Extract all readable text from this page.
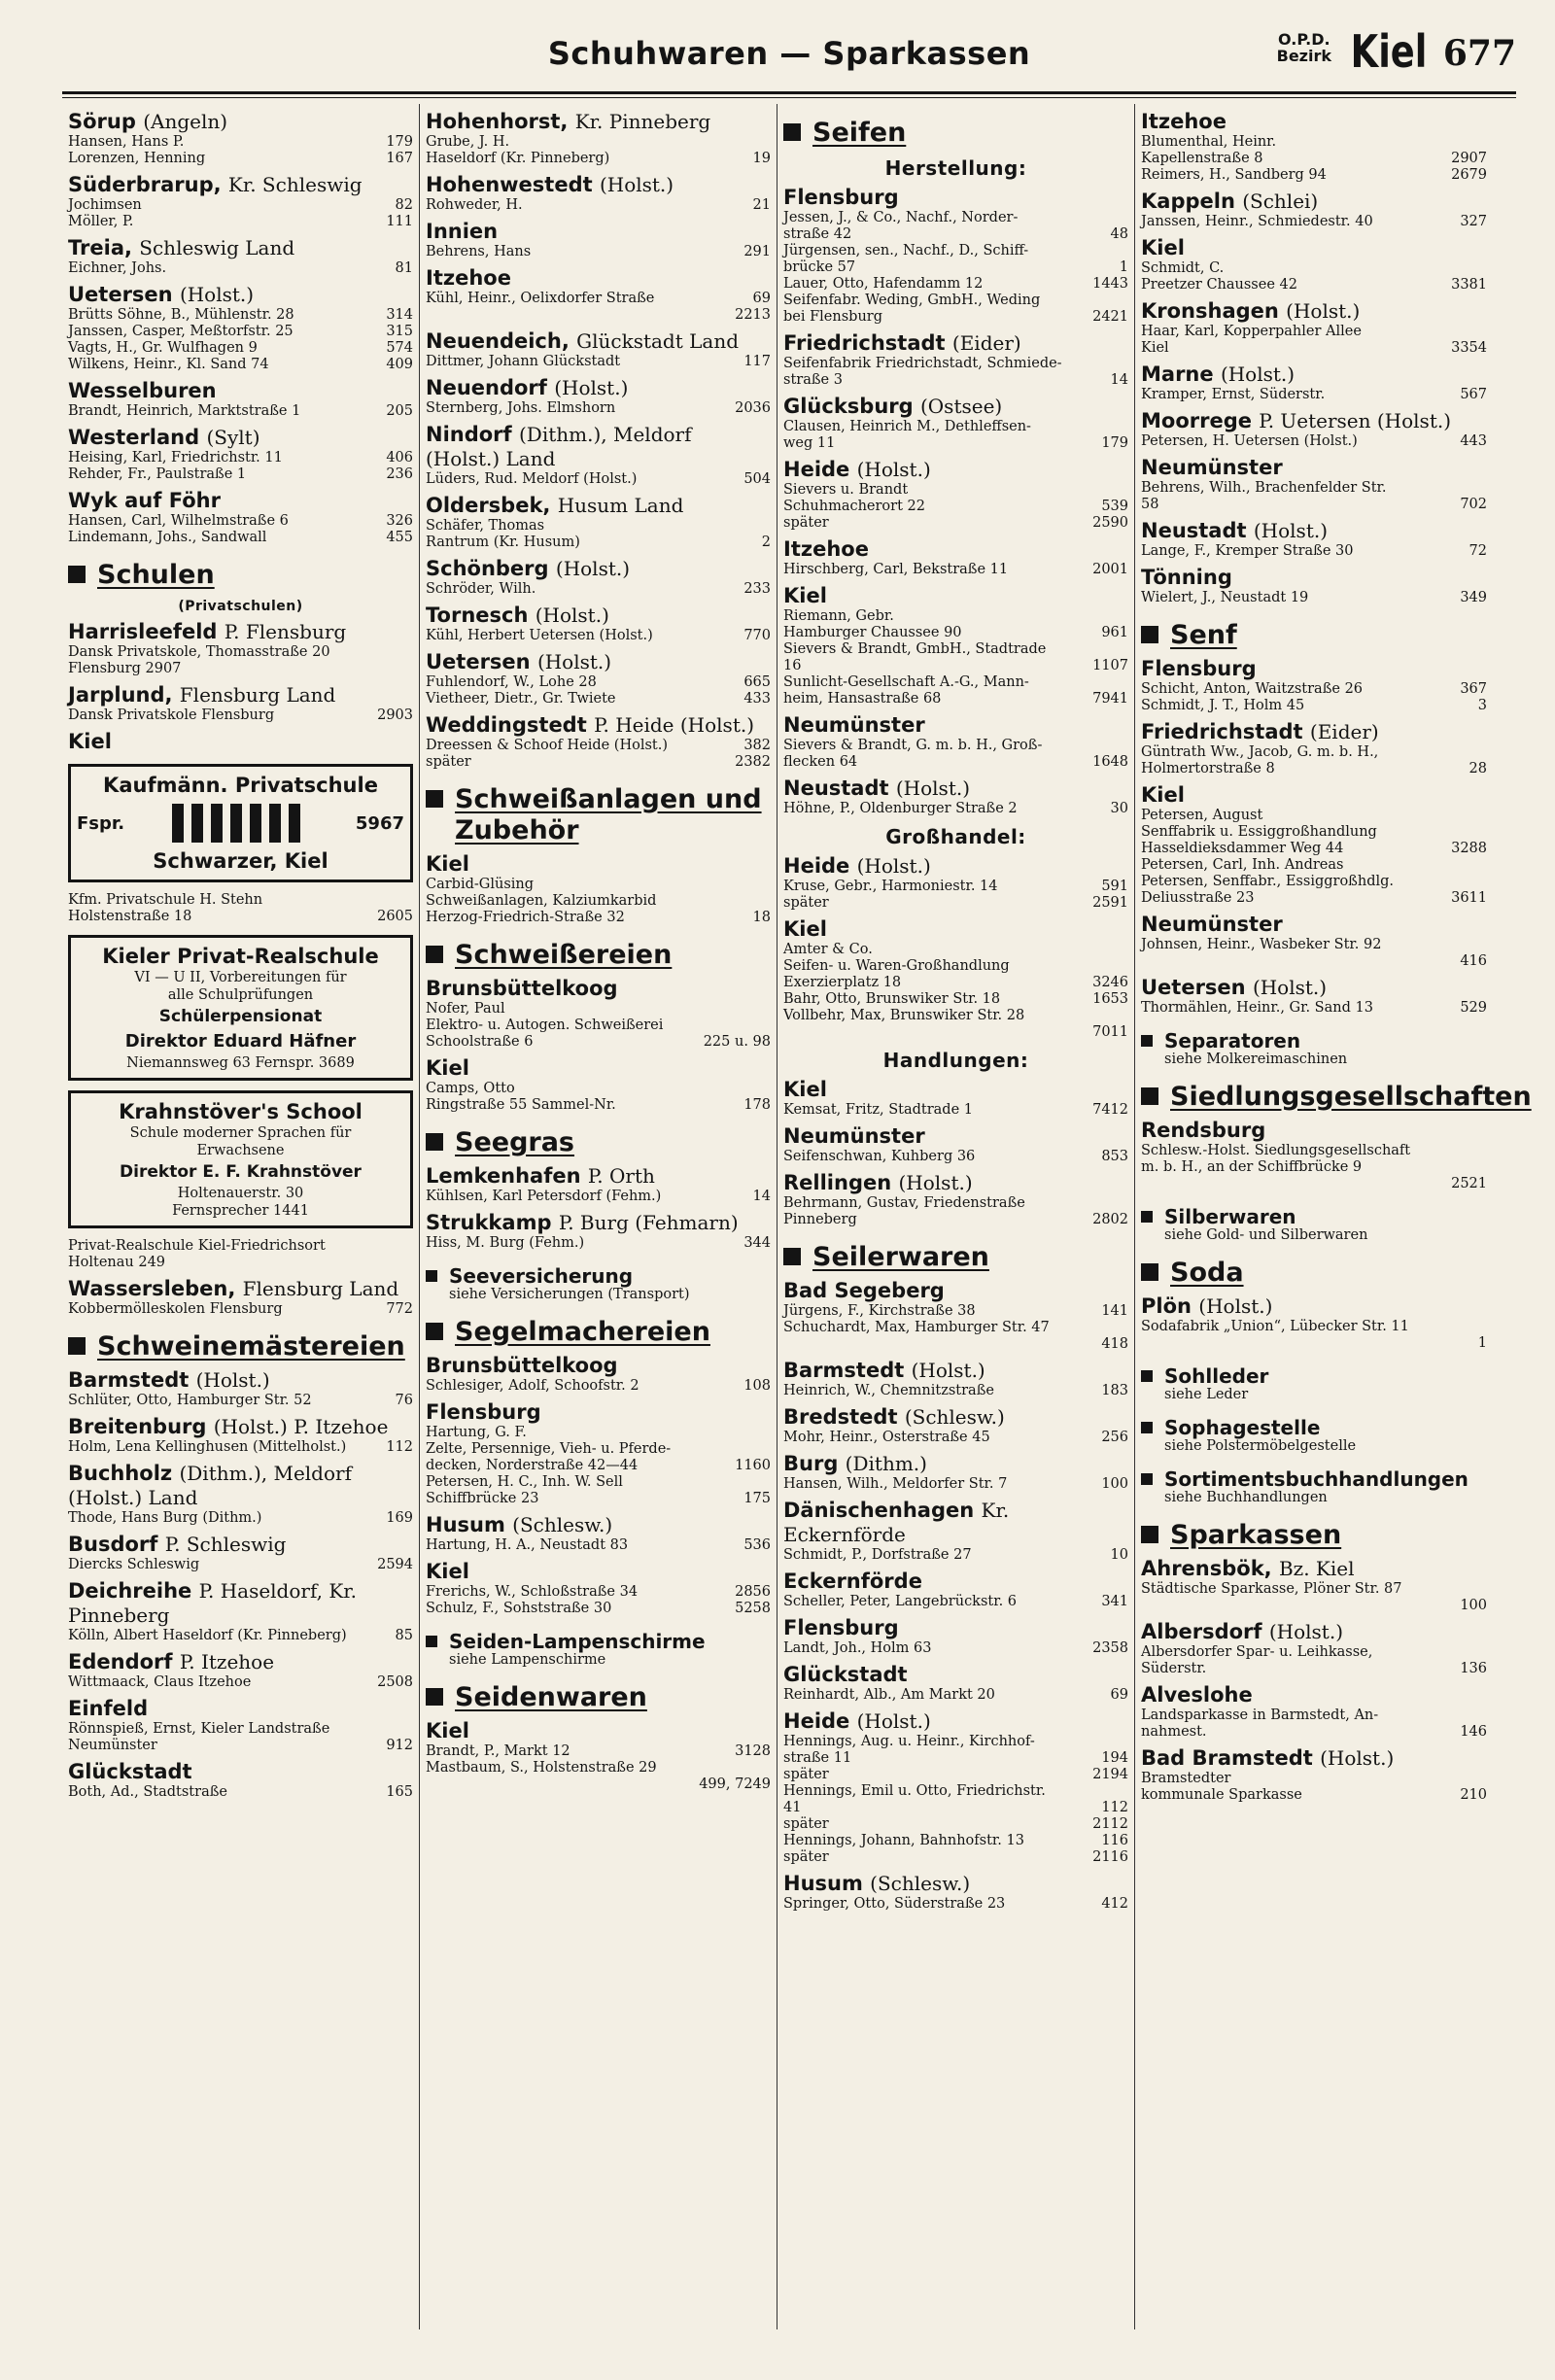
Schuhwaren — Sparkassen	O.P.D.
Bezirk Kiel 677
Sörup (Angeln)
Hansen, Hans P.	179
Lorenzen, Henning	167
Süderbrarup, Kr. Schleswig
Jochimsen	82
Möller, P.	111
Treia, Schleswig Land
Eichner, Johs.	81
Uetersen (Holst.)
Brütts Söhne, B., Mühlenstr. 28	314
Janssen, Casper, Meßtorfstr. 25	315
Vagts, H., Gr. Wulfhagen 9	574
Wilkens, Heinr., Kl. Sand 74	409
Wesselburen
Brandt, Heinrich, Marktstraße 1	205
Westerland (Sylt)
Heising, Karl, Friedrichstr. 11	406
Rehder, Fr., Paulstraße 1	236
Wyk auf Föhr
Hansen, Carl, Wilhelmstraße 6	326
Lindemann, Johs., Sandwall	455
Schulen
(Privatschulen)
Harrisleefeld P. Flensburg
Dansk Privatskole, Thomasstraße 20
Flensburg 2907
Jarplund, Flensburg Land
Dansk Privatskole Flensburg	2903
Kiel
Kaufmänn. Privatschule
Fspr.	5967
Schwarzer, Kiel
Kfm. Privatschule H. Stehn
Holstenstraße 18	2605
Kieler Privat-Realschule
VI — U II, Vorbereitungen für
alle Schulprüfungen
Schülerpensionat
Direktor Eduard Häfner
Niemannsweg 63 Fernspr. 3689
Krahnstöver's School
Schule moderner Sprachen für
Erwachsene
Direktor E. F. Krahnstöver
Holtenauerstr. 30
Fernsprecher 1441
Privat-Realschule Kiel-Friedrichsort
Holtenau 249
Wassersleben, Flensburg Land
Kobbermölleskolen Flensburg	772
Schweinemästereien
Barmstedt (Holst.)
Schlüter, Otto, Hamburger Str. 52	76
Breitenburg (Holst.) P. Itzehoe
Holm, Lena Kellinghusen (Mittelholst.)	112
Buchholz (Dithm.), Meldorf (Holst.) Land
Thode, Hans Burg (Dithm.)	169
Busdorf P. Schleswig
Diercks Schleswig	2594
Deichreihe P. Haseldorf, Kr. Pinneberg
Kölln, Albert Haseldorf (Kr. Pinneberg)	85
Edendorf P. Itzehoe
Wittmaack, Claus Itzehoe	2508
Einfeld
Rönnspieß, Ernst, Kieler Landstraße
Neumünster	912
Glückstadt
Both, Ad., Stadtstraße	165
Hohenhorst, Kr. Pinneberg
Grube, J. H.
Haseldorf (Kr. Pinneberg)	19
Hohenwestedt (Holst.)
Rohweder, H.	21
Innien
Behrens, Hans	291
Itzehoe
Kühl, Heinr., Oelixdorfer Straße	69
2213
Neuendeich, Glückstadt Land
Dittmer, Johann Glückstadt	117
Neuendorf (Holst.)
Sternberg, Johs. Elmshorn	2036
Nindorf (Dithm.), Meldorf (Holst.) Land
Lüders, Rud. Meldorf (Holst.)	504
Oldersbek, Husum Land
Schäfer, Thomas
Rantrum (Kr. Husum)	2
Schönberg (Holst.)
Schröder, Wilh.	233
Tornesch (Holst.)
Kühl, Herbert Uetersen (Holst.)	770
Uetersen (Holst.)
Fuhlendorf, W., Lohe 28	665
Vietheer, Dietr., Gr. Twiete	433
Weddingstedt P. Heide (Holst.)
Dreessen & Schoof Heide (Holst.)	382
später	2382
Schweißanlagen und Zubehör
Kiel
Carbid-Glüsing
Schweißanlagen, Kalziumkarbid
Herzog-Friedrich-Straße 32	18
Schweißereien
Brunsbüttelkoog
Nofer, Paul
Elektro- u. Autogen. Schweißerei
Schoolstraße 6	225 u. 98
Kiel
Camps, Otto
Ringstraße 55 Sammel-Nr.	178
Seegras
Lemkenhafen P. Orth
Kühlsen, Karl Petersdorf (Fehm.)	14
Strukkamp P. Burg (Fehmarn)
Hiss, M. Burg (Fehm.)	344
Seeversicherung
siehe Versicherungen (Transport)
Segelmachereien
Brunsbüttelkoog
Schlesiger, Adolf, Schoofstr. 2	108
Flensburg
Hartung, G. F.
Zelte, Persennige, Vieh- u. Pferde-
decken, Norderstraße 42—44	1160
Petersen, H. C., Inh. W. Sell
Schiffbrücke 23	175
Husum (Schlesw.)
Hartung, H. A., Neustadt 83	536
Kiel
Frerichs, W., Schloßstraße 34	2856
Schulz, F., Sohststraße 30	5258
Seiden-Lampenschirme
siehe Lampenschirme
Seidenwaren
Kiel
Brandt, P., Markt 12	3128
Mastbaum, S., Holstenstraße 29
499, 7249
Seifen
Herstellung:
Flensburg
Jessen, J., & Co., Nachf., Norder-
straße 42	48
Jürgensen, sen., Nachf., D., Schiff-
brücke 57	1
Lauer, Otto, Hafendamm 12	1443
Seifenfabr. Weding, GmbH., Weding
bei Flensburg	2421
Friedrichstadt (Eider)
Seifenfabrik Friedrichstadt, Schmiede-
straße 3	14
Glücksburg (Ostsee)
Clausen, Heinrich M., Dethleffsen-
weg 11	179
Heide (Holst.)
Sievers u. Brandt
Schuhmacherort 22	539
später	2590
Itzehoe
Hirschberg, Carl, Bekstraße 11	2001
Kiel
Riemann, Gebr.
Hamburger Chaussee 90	961
Sievers & Brandt, GmbH., Stadtrade
16	1107
Sunlicht-Gesellschaft A.-G., Mann-
heim, Hansastraße 68	7941
Neumünster
Sievers & Brandt, G. m. b. H., Groß-
flecken 64	1648
Neustadt (Holst.)
Höhne, P., Oldenburger Straße 2	30
Großhandel:
Heide (Holst.)
Kruse, Gebr., Harmoniestr. 14	591
später	2591
Kiel
Amter & Co.
Seifen- u. Waren-Großhandlung
Exerzierplatz 18	3246
Bahr, Otto, Brunswiker Str. 18	1653
Vollbehr, Max, Brunswiker Str. 28
7011
Handlungen:
Kiel
Kemsat, Fritz, Stadtrade 1	7412
Neumünster
Seifenschwan, Kuhberg 36	853
Rellingen (Holst.)
Behrmann, Gustav, Friedenstraße
Pinneberg	2802
Seilerwaren
Bad Segeberg
Jürgens, F., Kirchstraße 38	141
Schuchardt, Max, Hamburger Str. 47
418
Barmstedt (Holst.)
Heinrich, W., Chemnitzstraße	183
Bredstedt (Schlesw.)
Mohr, Heinr., Osterstraße 45	256
Burg (Dithm.)
Hansen, Wilh., Meldorfer Str. 7	100
Dänischenhagen Kr. Eckernförde
Schmidt, P., Dorfstraße 27	10
Eckernförde
Scheller, Peter, Langebrückstr. 6	341
Flensburg
Landt, Joh., Holm 63	2358
Glückstadt
Reinhardt, Alb., Am Markt 20	69
Heide (Holst.)
Hennings, Aug. u. Heinr., Kirchhof-
straße 11	194
später	2194
Hennings, Emil u. Otto, Friedrichstr.
41	112
später	2112
Hennings, Johann, Bahnhofstr. 13	116
später	2116
Husum (Schlesw.)
Springer, Otto, Süderstraße 23	412
Itzehoe
Blumenthal, Heinr.
Kapellenstraße 8	2907
Reimers, H., Sandberg 94	2679
Kappeln (Schlei)
Janssen, Heinr., Schmiedestr. 40	327
Kiel
Schmidt, C.
Preetzer Chaussee 42	3381
Kronshagen (Holst.)
Haar, Karl, Kopperpahler Allee
Kiel	3354
Marne (Holst.)
Kramper, Ernst, Süderstr.	567
Moorrege P. Uetersen (Holst.)
Petersen, H. Uetersen (Holst.)	443
Neumünster
Behrens, Wilh., Brachenfelder Str.
58	702
Neustadt (Holst.)
Lange, F., Kremper Straße 30	72
Tönning
Wielert, J., Neustadt 19	349
Senf
Flensburg
Schicht, Anton, Waitzstraße 26	367
Schmidt, J. T., Holm 45	3
Friedrichstadt (Eider)
Güntrath Ww., Jacob, G. m. b. H.,
Holmertorstraße 8	28
Kiel
Petersen, August
Senffabrik u. Essiggroßhandlung
Hasseldieksdammer Weg 44	3288
Petersen, Carl, Inh. Andreas
Petersen, Senffabr., Essiggroßhdlg.
Deliusstraße 23	3611
Neumünster
Johnsen, Heinr., Wasbeker Str. 92
416
Uetersen (Holst.)
Thormählen, Heinr., Gr. Sand 13	529
Separatoren
siehe Molkereimaschinen
Siedlungsgesellschaften
Rendsburg
Schlesw.-Holst. Siedlungsgesellschaft
m. b. H., an der Schiffbrücke 9
2521
Silberwaren
siehe Gold- und Silberwaren
Soda
Plön (Holst.)
Sodafabrik „Union“, Lübecker Str. 11
1
Sohlleder
siehe Leder
Sophagestelle
siehe Polstermöbelgestelle
Sortimentsbuchhandlungen
siehe Buchhandlungen
Sparkassen
Ahrensbök, Bz. Kiel
Städtische Sparkasse, Plöner Str. 87
100
Albersdorf (Holst.)
Albersdorfer Spar- u. Leihkasse,
Süderstr.	136
Alveslohe
Landsparkasse in Barmstedt, An-
nahmest.	146
Bad Bramstedt (Holst.)
Bramstedter
kommunale Sparkasse	210
